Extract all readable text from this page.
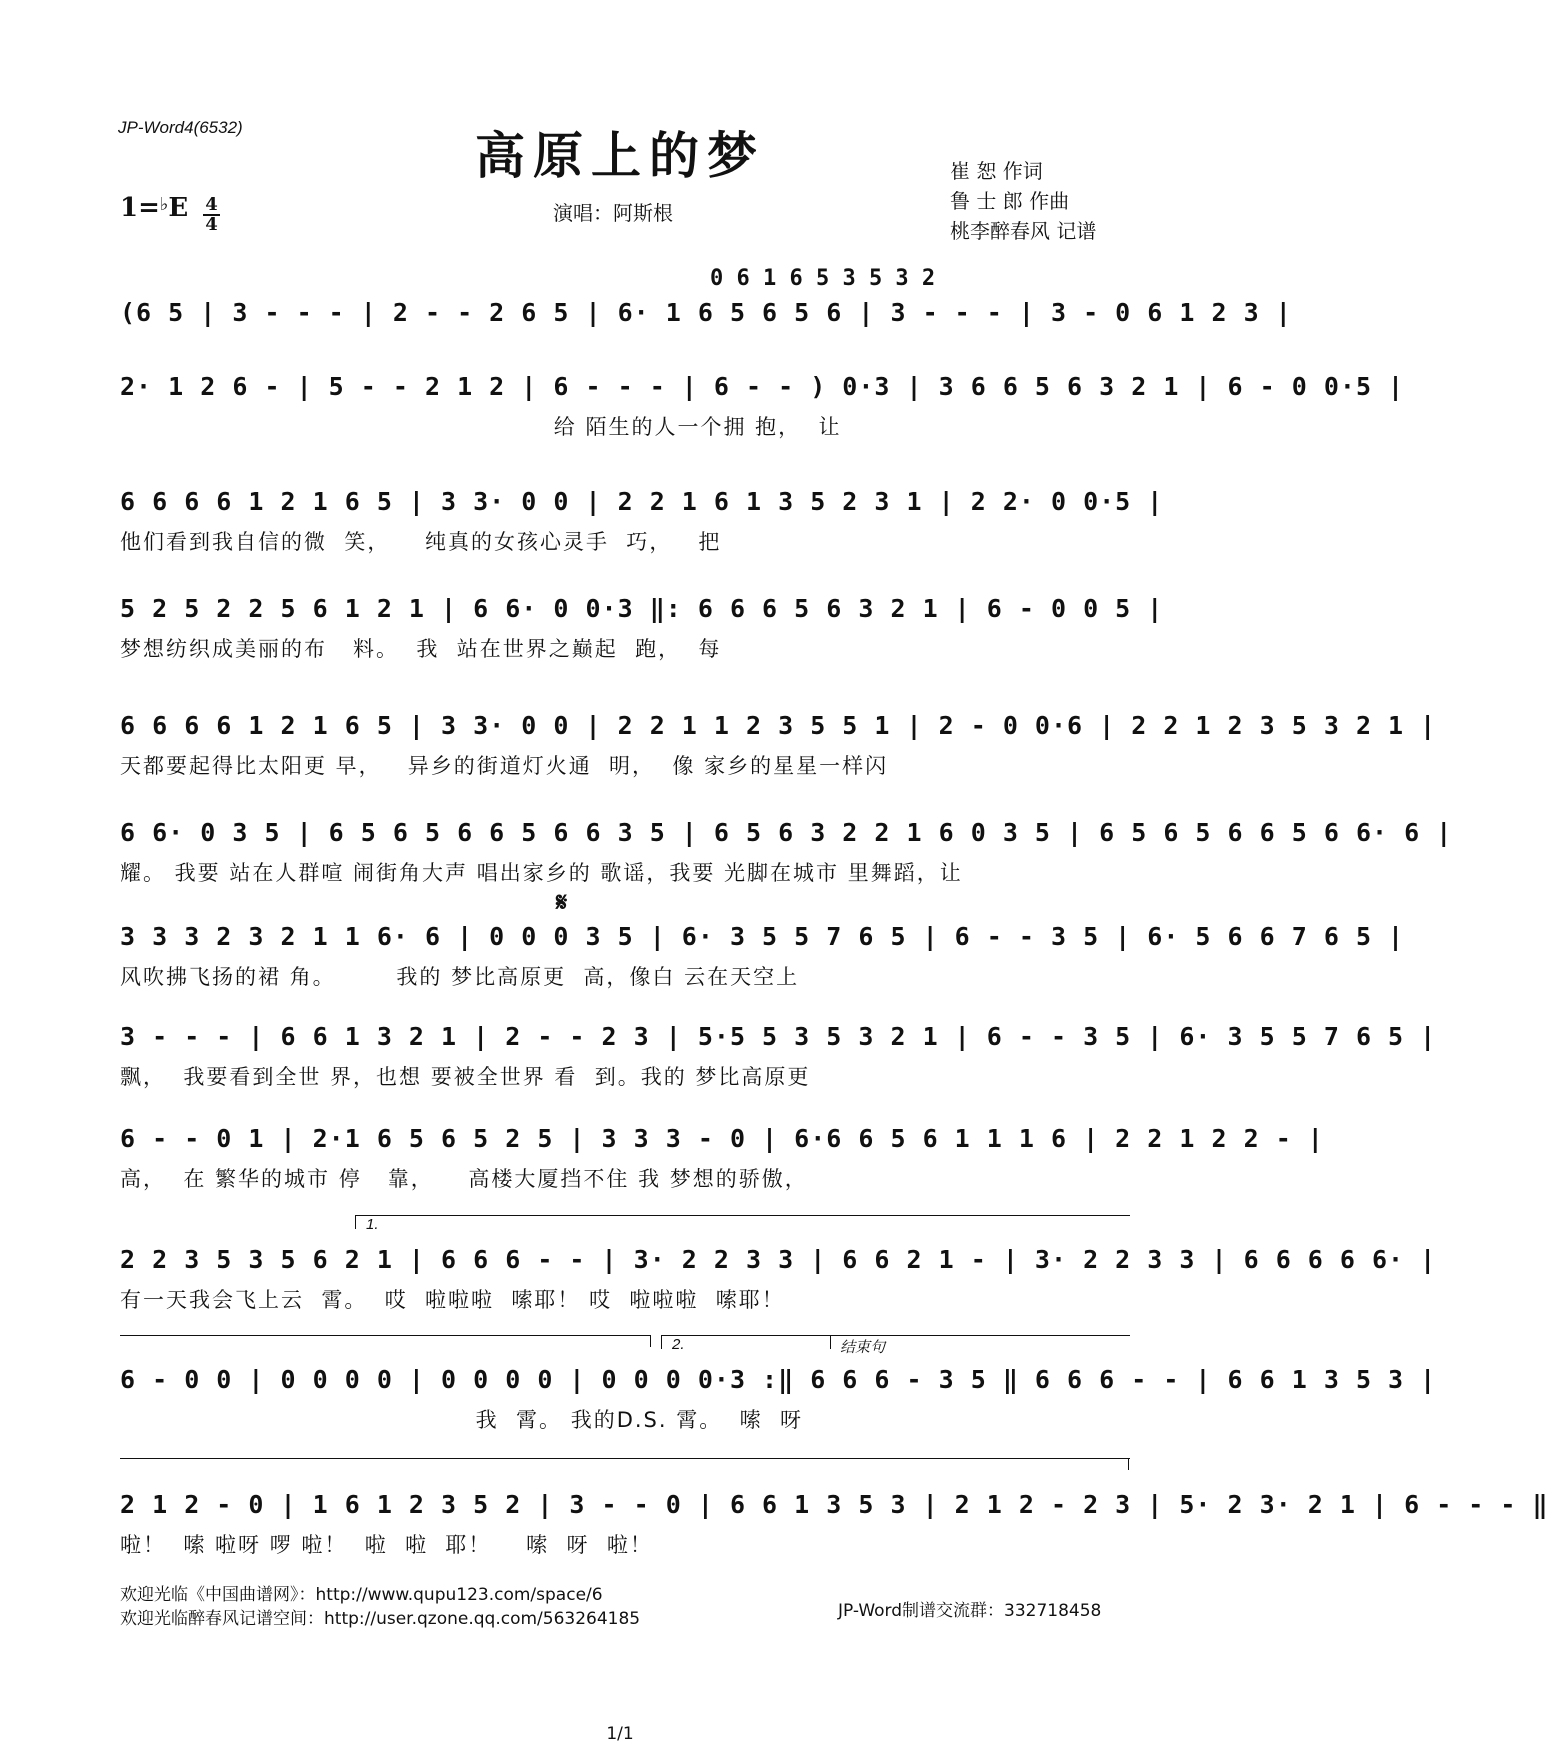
JP-Word4(6532)	高原上的梦
$1=^♭E \frac{4}{4}$	演唱：阿斯根
崔 恕 作词
鲁 士 郎 作曲
桃李醉春风 记谱
0 6 1 6 5 3 5 3 2
(6 5 | 3 - - - | 2 - - 2 6 5 | 6· 1 6 5 6 5 6 | 3 - - - | 3 - 0 6 1 2 3 |
2· 1 2 6 - | 5 - - 2 1 2 | 6 - - - | 6 - - ) 0·3 | 3 6 6 5 6 3 2 1 | 6 - 0 0·5 |
给 陌生的人一个拥 抱，  让
6 6 6 6 1 2 1 6 5 | 3 3· 0 0 | 2 2 1 6 1 3 5 2 3 1 | 2 2· 0 0·5 |
他们看到我自信的微  笑，    纯真的女孩心灵手  巧，   把
5 2 5 2 2 5 6 1 2 1 | 6 6· 0 0·3 ‖: 6 6 6 5 6 3 2 1 | 6 - 0 0 5 |
梦想纺织成美丽的布   料。  我  站在世界之巅起  跑，  每
6 6 6 6 1 2 1 6 5 | 3 3· 0 0 | 2 2 1 1 2 3 5 5 1 | 2 - 0 0·6 | 2 2 1 2 3 5 3 2 1 |
天都要起得比太阳更 早，   异乡的街道灯火通  明，  像 家乡的星星一样闪
6 6· 0 3 5 | 6 5 6 5 6 6 5 6 6 3 5 | 6 5 6 3 2 2 1 6 0 3 5 | 6 5 6 5 6 6 5 6 6· 6 |
耀。 我要 站在人群喧 闹街角大声 唱出家乡的 歌谣，我要 光脚在城市 里舞蹈，让
𝄋
3 3 3 2 3 2 1 1 6· 6 | 0 0 0 3 5 | 6· 3 5 5 7 6 5 | 6 - - 3 5 | 6· 5 6 6 7 6 5 |
风吹拂飞扬的裙 角。       我的 梦比高原更  高，像白 云在天空上
3 - - - | 6 6 1 3 2 1 | 2 - - 2 3 | 5·5 5 3 5 3 2 1 | 6 - - 3 5 | 6· 3 5 5 7 6 5 |
飘，  我要看到全世 界，也想 要被全世界 看  到。我的 梦比高原更
6 - - 0 1 | 2·1 6 5 6 5 2 5 | 3 3 3 - 0 | 6·6 6 5 6 1 1 1 6 | 2 2 1 2 2 - |
高，  在 繁华的城市 停   靠，    高楼大厦挡不住 我 梦想的骄傲，
1.
2 2 3 5 3 5 6 2 1 | 6 6 6 - - | 3· 2 2 3 3 | 6 6 2 1 - | 3· 2 2 3 3 | 6 6 6 6 6· |
有一天我会飞上云  霄。  哎  啦啦啦  嗦耶！ 哎  啦啦啦  嗦耶！
2.	结束句
6 - 0 0 | 0 0 0 0 | 0 0 0 0 | 0 0 0 0·3 :‖ 6 6 6 - 3 5 ‖ 6 6 6 - - | 6 6 1 3 5 3 |
我  霄。 我的D.S. 霄。  嗦  呀
2 1 2 - 0 | 1 6 1 2 3 5 2 | 3 - - 0 | 6 6 1 3 5 3 | 2 1 2 - 2 3 | 5· 2 3· 2 1 | 6 - - - ‖
啦！  嗦 啦呀 啰 啦！  啦  啦  耶！    嗦  呀  啦！
欢迎光临《中国曲谱网》：http://www.qupu123.com/space/6
欢迎光临醉春风记谱空间：http://user.qzone.qq.com/563264185	JP-Word制谱交流群：332718458
1/1
